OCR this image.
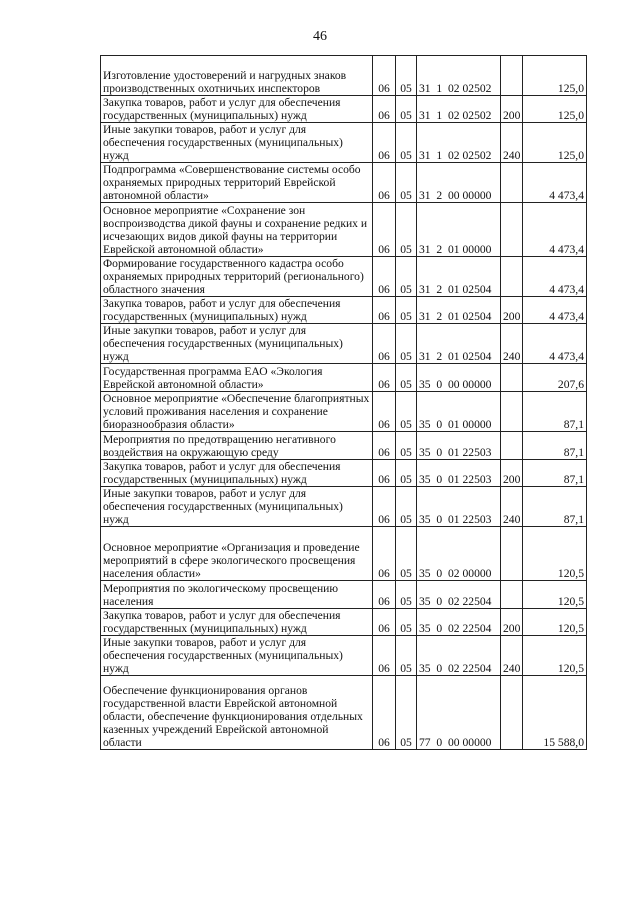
46
Изготовление удостоверений и нагрудных знаков производственных охотничьих инспекторов	06	05	31  1  02 02502		125,0
Закупка товаров, работ и услуг для обеспечения государственных (муниципальных) нужд	06	05	31  1  02 02502	200	125,0
Иные закупки товаров, работ и услуг для обеспечения государственных (муниципальных) нужд	06	05	31  1  02 02502	240	125,0
Подпрограмма «Совершенствование системы особо охраняемых природных территорий Еврейской автономной области»	06	05	31  2  00 00000		4 473,4
Основное мероприятие «Сохранение зон воспроизводства дикой фауны и сохранение редких и исчезающих видов дикой фауны на территории Еврейской автономной области»	06	05	31  2  01 00000		4 473,4
Формирование государственного кадастра особо охраняемых природных территорий (регионального) областного значения	06	05	31  2  01 02504		4 473,4
Закупка товаров, работ и услуг для обеспечения государственных (муниципальных) нужд	06	05	31  2  01 02504	200	4 473,4
Иные закупки товаров, работ и услуг для обеспечения государственных (муниципальных) нужд	06	05	31  2  01 02504	240	4 473,4
Государственная программа ЕАО «Экология Еврейской автономной области»	06	05	35  0  00 00000		207,6
Основное мероприятие «Обеспечение благоприятных условий проживания населения и сохранение биоразнообразия области»	06	05	35  0  01 00000		87,1
Мероприятия по предотвращению негативного воздействия на окружающую среду	06	05	35  0  01 22503		87,1
Закупка товаров, работ и услуг для обеспечения государственных (муниципальных) нужд	06	05	35  0  01 22503	200	87,1
Иные закупки товаров, работ и услуг для обеспечения государственных (муниципальных) нужд	06	05	35  0  01 22503	240	87,1
Основное мероприятие «Организация и проведение мероприятий в сфере экологического просвещения населения области»	06	05	35  0  02 00000		120,5
Мероприятия по экологическому просвещению населения	06	05	35  0  02 22504		120,5
Закупка товаров, работ и услуг для обеспечения государственных (муниципальных) нужд	06	05	35  0  02 22504	200	120,5
Иные закупки товаров, работ и услуг для обеспечения государственных (муниципальных) нужд	06	05	35  0  02 22504	240	120,5
Обеспечение функционирования органов государственной власти Еврейской автономной области, обеспечение функционирования отдельных казенных учреждений Еврейской автономной области	06	05	77  0  00 00000		15 588,0
